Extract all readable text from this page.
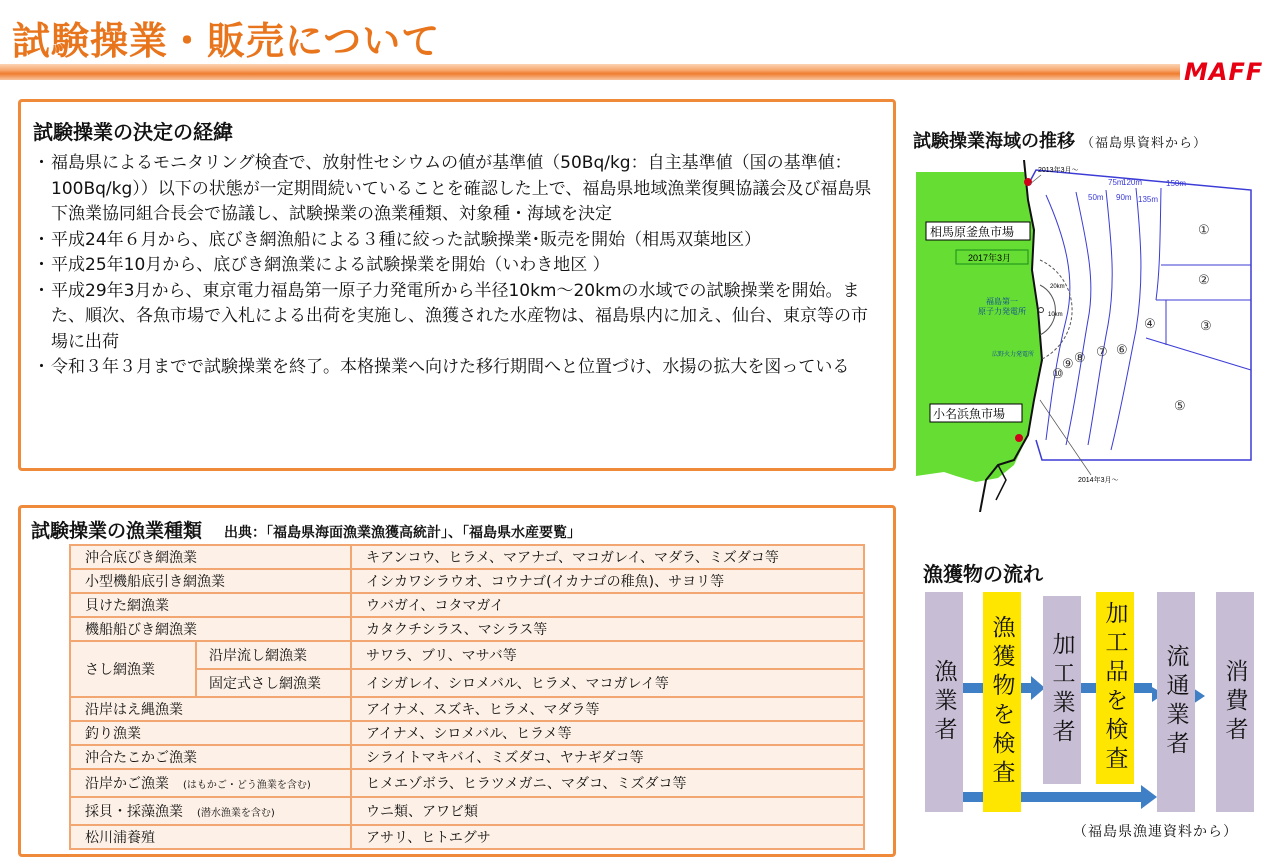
試験操業・販売について
MAFF
試験操業の決定の経緯
・ 福島県によるモニタリング検査で、放射性セシウムの値が基準値（50Bq/kg：自主基準値（国の基準値：100Bq/kg））以下の状態が一定期間続いていることを確認した上で、福島県地域漁業復興協議会及び福島県下漁業協同組合長会で協議し、試験操業の漁業種類、対象種・海域を決定
・ 平成24年６月から、底びき網漁船による３種に絞った試験操業･販売を開始（相馬双葉地区）
・ 平成25年10月から、底びき網漁業による試験操業を開始（いわき地区 ）
・ 平成29年3月から、東京電力福島第一原子力発電所から半径10km～20kmの水域での試験操業を開始。また、順次、各魚市場で入札による出荷を実施し、漁獲された水産物は、福島県内に加え、仙台、東京等の市場に出荷
・ 令和３年３月までで試験操業を終了。本格操業へ向けた移行期間へと位置づけ、水揚の拡大を図っている
試験操業の漁業種類 出典：「福島県海面漁業漁獲高統計」、「福島県水産要覧」
沖合底びき網漁業		キアンコウ、ヒラメ、マアナゴ、マコガレイ、マダラ、ミズダコ等
小型機船底引き網漁業		イシカワシラウオ、コウナゴ(イカナゴの稚魚)、サヨリ等
貝けた網漁業		ウバガイ、コタマガイ
機船船びき網漁業		カタクチシラス、マシラス等
さし網漁業	沿岸流し網漁業	サワラ、ブリ、マサバ等
	固定式さし網漁業	イシガレイ、シロメバル、ヒラメ、マコガレイ等
沿岸はえ縄漁業		アイナメ、スズキ、ヒラメ、マダラ等
釣り漁業		アイナメ、シロメバル、ヒラメ等
沖合たこかご漁業		シライトマキバイ、ミズダコ、ヤナギダコ等
沿岸かご漁業　 (はもかご・どう漁業を含む)		ヒメエゾボラ、ヒラツメガニ、マダコ、ミズダコ等
採貝・採藻漁業　 (潜水漁業を含む)		ウニ類、アワビ類
松川浦養殖		アサリ、ヒトエグサ
試験操業海域の推移 （福島県資料から）
相馬原釜魚市場
小名浜魚市場
2017年3月
福島第一
原子力発電所
広野火力発電所
20km
10km
2013年3月～
2014年3月～
50m
75m
120m	150m
90m 135m
①
②
③
④
⑤
⑥
⑦
⑧
⑨
⑩
漁獲物の流れ
漁業者 漁獲物を検査 加工業者 加工品を検査 流通業者 消費者
（福島県漁連資料から）
